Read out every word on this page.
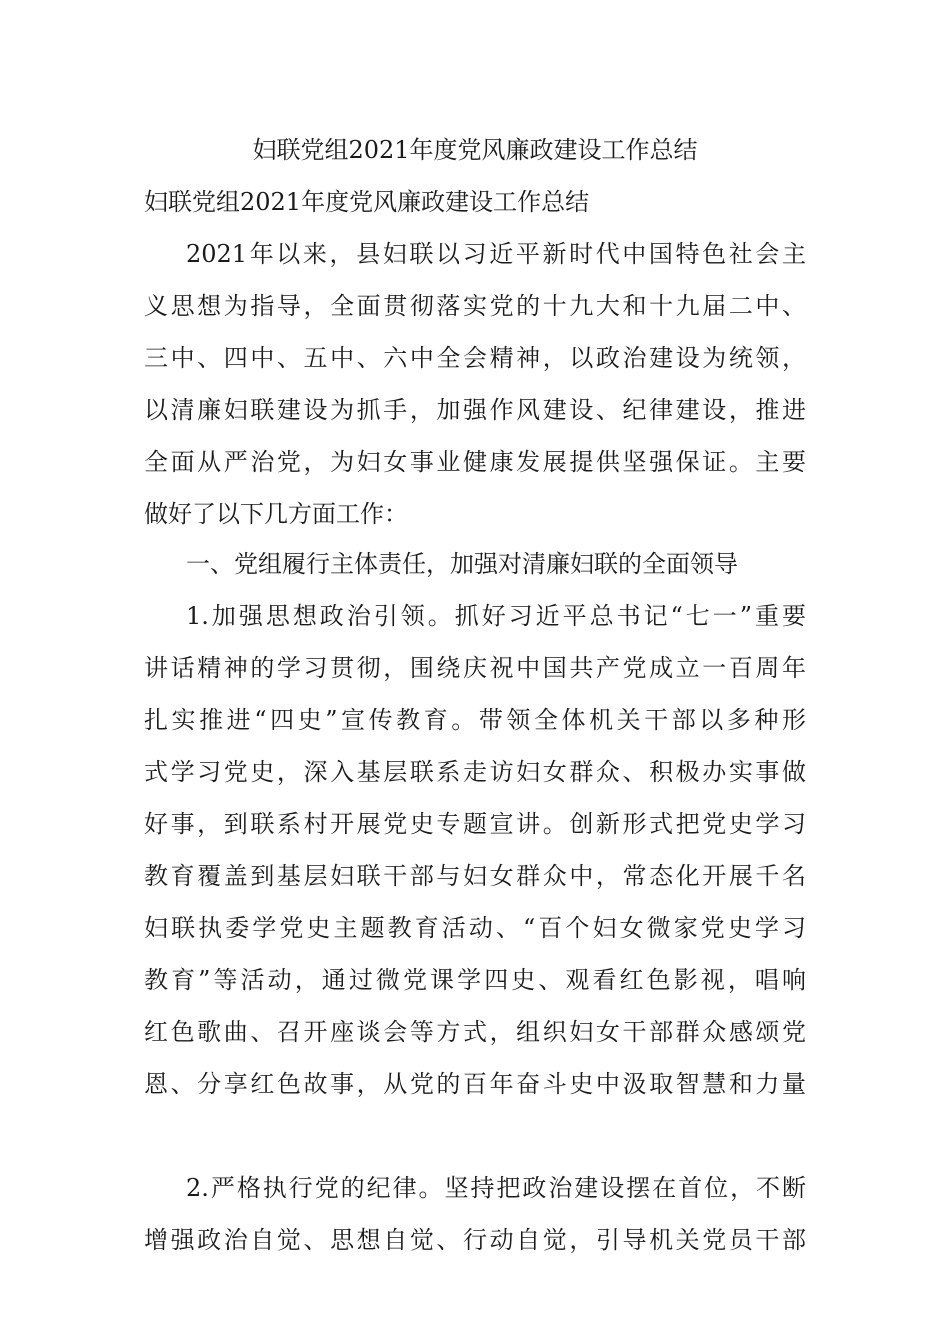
妇联党组2021年度党风廉政建设工作总结
妇联党组2021年度党风廉政建设工作总结
2021年以来，县妇联以习近平新时代中国特色社会主
义思想为指导，全面贯彻落实党的十九大和十九届二中、
三中、四中、五中、六中全会精神，以政治建设为统领，
以清廉妇联建设为抓手，加强作风建设、纪律建设，推进
全面从严治党，为妇女事业健康发展提供坚强保证。主要
做好了以下几方面工作：
一、党组履行主体责任，加强对清廉妇联的全面领导
1.加强思想政治引领。抓好习近平总书记“七一”重要
讲话精神的学习贯彻，围绕庆祝中国共产党成立一百周年
扎实推进“四史”宣传教育。带领全体机关干部以多种形
式学习党史，深入基层联系走访妇女群众、积极办实事做
好事，到联系村开展党史专题宣讲。创新形式把党史学习
教育覆盖到基层妇联干部与妇女群众中，常态化开展千名
妇联执委学党史主题教育活动、“百个妇女微家党史学习
教育”等活动，通过微党课学四史、观看红色影视，唱响
红色歌曲、召开座谈会等方式，组织妇女干部群众感颂党
恩、分享红色故事，从党的百年奋斗史中汲取智慧和力量
2.严格执行党的纪律。坚持把政治建设摆在首位，不断
增强政治自觉、思想自觉、行动自觉，引导机关党员干部
